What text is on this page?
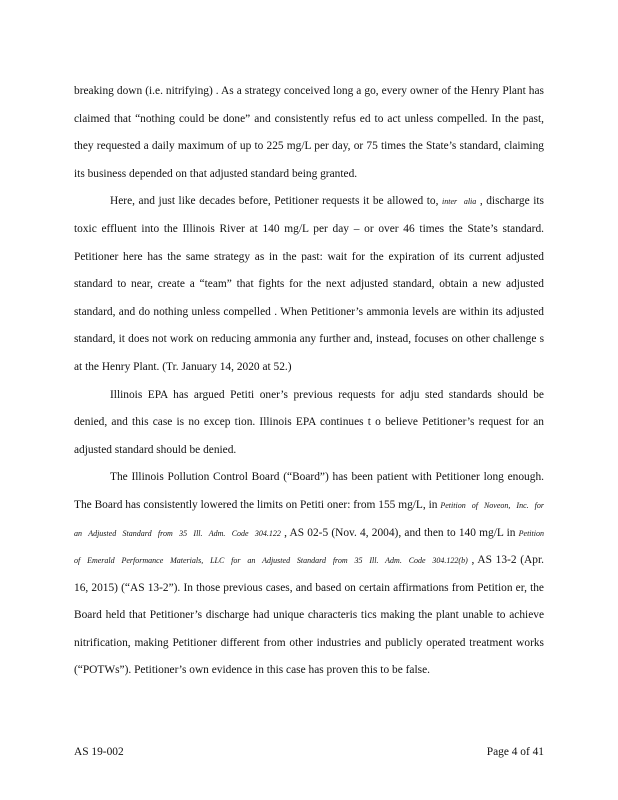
breaking down (i.e. nitrifying) . As a strategy conceived long a go, every owner of the Henry Plant has claimed that “nothing could be done” and consistently refus ed to act unless compelled. In the past, they requested a daily maximum of up to 225 mg/L per day, or 75 times the State’s standard, claiming its business depended on that adjusted standard being granted.

Here, and just like decades before, Petitioner requests it be allowed to, inter alia , discharge its toxic effluent into the Illinois River at 140 mg/L per day – or over 46 times the State’s standard. Petitioner here has the same strategy as in the past: wait for the expiration of its current adjusted standard to near, create a “team” that fights for the next adjusted standard, obtain a new adjusted standard, and do nothing unless compelled . When Petitioner’s ammonia levels are within its adjusted standard, it does not work on reducing ammonia any further and, instead, focuses on other challenge s at the Henry Plant. (Tr. January 14, 2020 at 52.)

Illinois EPA has argued Petiti oner’s previous requests for adju sted standards should be denied, and this case is no excep tion. Illinois EPA continues t o believe Petitioner’s request for an adjusted standard should be denied.

The Illinois Pollution Control Board (“Board”) has been patient with Petitioner long enough. The Board has consistently lowered the limits on Petiti oner: from 155 mg/L, in Petition of Noveon, Inc. for an Adjusted Standard from 35 Ill. Adm. Code 304.122 , AS 02-5 (Nov. 4, 2004), and then to 140 mg/L in Petition of Emerald Performance Materials, LLC for an Adjusted Standard from 35 Ill. Adm. Code 304.122(b) , AS 13-2 (Apr. 16, 2015) (“AS 13-2”). In those previous cases, and based on certain affirmations from Petition er, the Board held that Petitioner’s discharge had unique characteris tics making the plant unable to achieve nitrification, making Petitioner different from other industries and publicly operated treatment works (“POTWs”). Petitioner’s own evidence in this case has proven this to be false.

AS 19-002	Page 4 of 41
